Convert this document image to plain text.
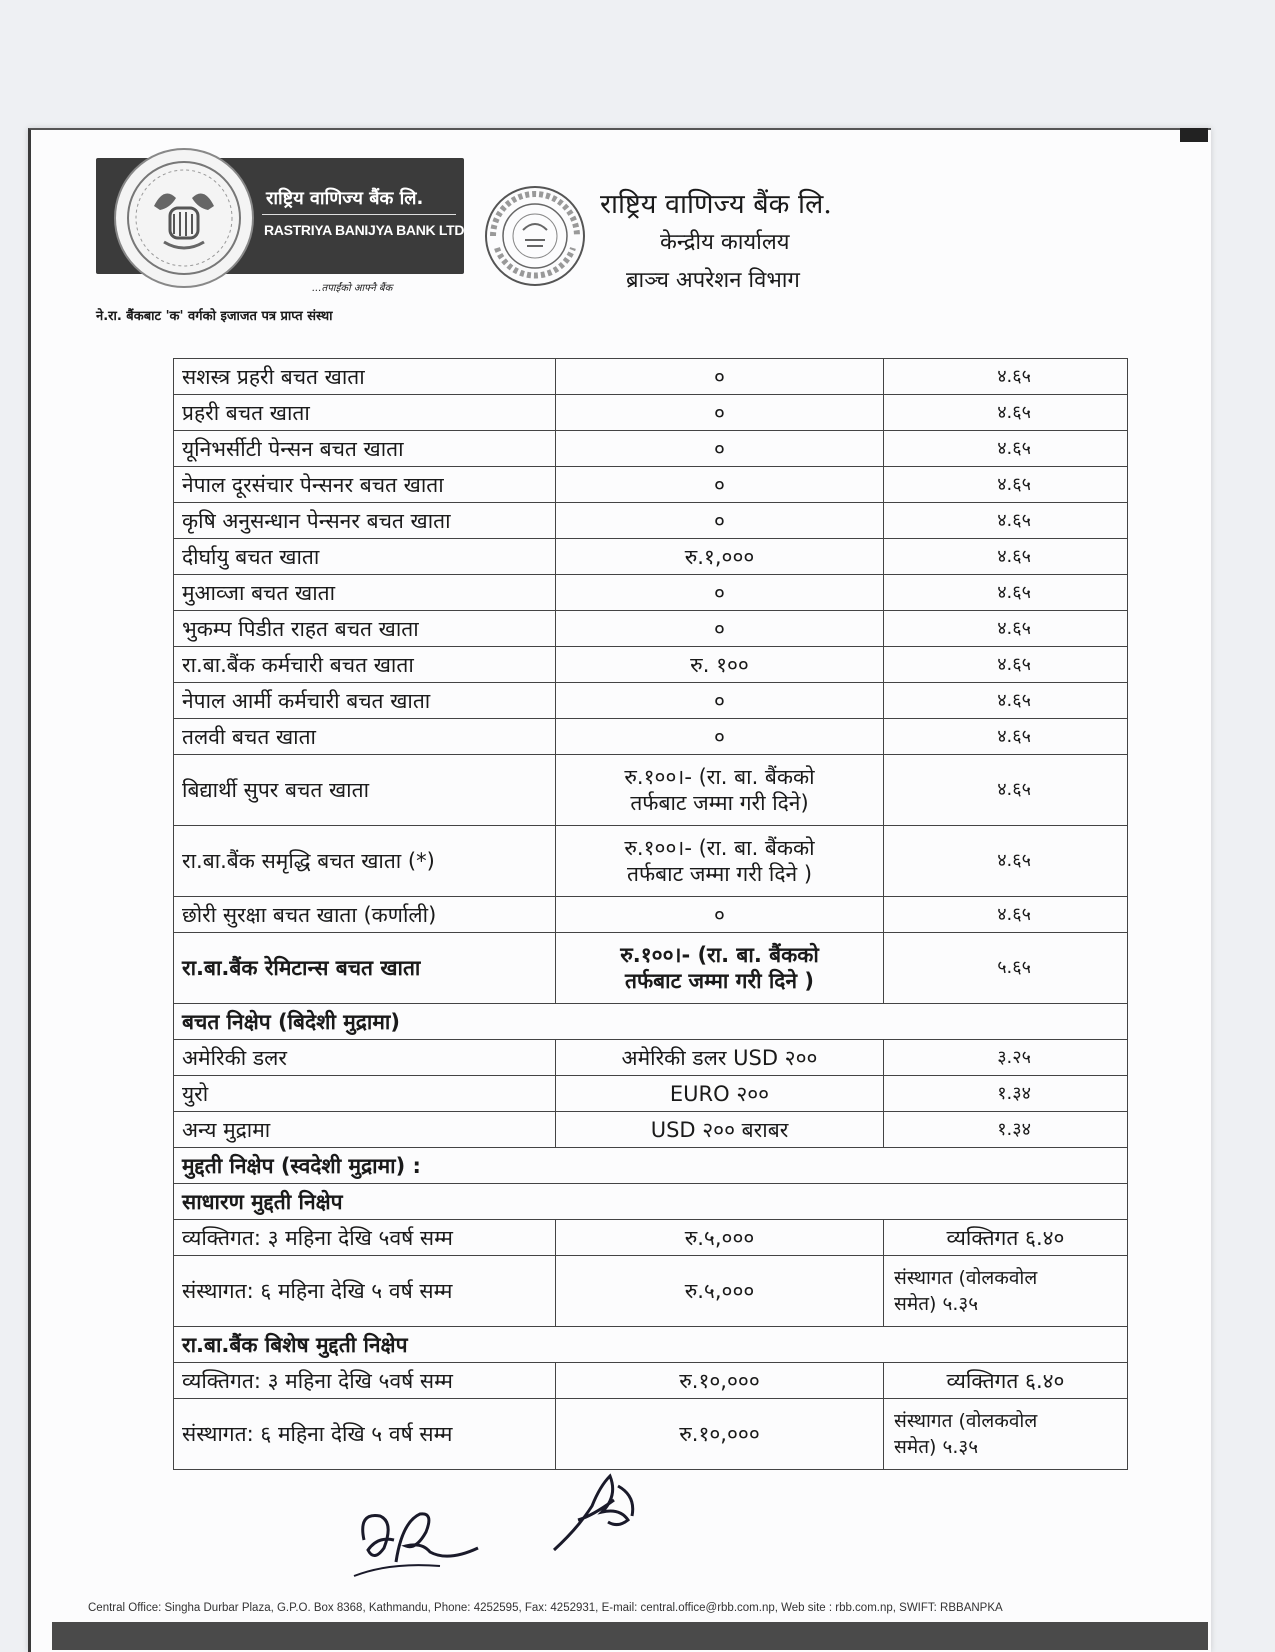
राष्ट्रिय वाणिज्य बैंक लि.
RASTRIYA BANIJYA BANK LTD.
...तपाईंको आफ्नै बैंक
ने.रा. बैंकबाट 'क' वर्गको इजाजत पत्र प्राप्त संस्था
राष्ट्रिय वाणिज्य बैंक लि.
केन्द्रीय कार्यालय
ब्राञ्च अपरेशन विभाग
सशस्त्र प्रहरी बचत खाता	०	४.६५
प्रहरी बचत खाता	०	४.६५
यूनिभर्सीटी पेन्सन बचत खाता	०	४.६५
नेपाल दूरसंचार पेन्सनर बचत खाता	०	४.६५
कृषि अनुसन्धान पेन्सनर बचत खाता	०	४.६५
दीर्घायु बचत खाता	रु.१,०००	४.६५
मुआव्जा बचत खाता	०	४.६५
भुकम्प पिडीत राहत बचत खाता	०	४.६५
रा.बा.बैंक कर्मचारी बचत खाता	रु. १००	४.६५
नेपाल आर्मी कर्मचारी बचत खाता	०	४.६५
तलवी बचत खाता	०	४.६५
बिद्यार्थी सुपर बचत खाता	रु.१००।- (रा. बा. बैंकको
तर्फबाट जम्मा गरी दिने)	४.६५
रा.बा.बैंक समृद्धि बचत खाता (*)	रु.१००।- (रा. बा. बैंकको
तर्फबाट जम्मा गरी दिने )	४.६५
छोरी सुरक्षा बचत खाता (कर्णाली)	०	४.६५
रा.बा.बैंक रेमिटान्स बचत खाता	रु.१००।- (रा. बा. बैंकको
तर्फबाट जम्मा गरी दिने )	५.६५
बचत निक्षेप (बिदेशी मुद्रामा)		
अमेरिकी डलर	अमेरिकी डलर USD २००	३.२५
युरो	EURO २००	१.३४
अन्य मुद्रामा	USD २०० बराबर	१.३४
मुद्दती निक्षेप (स्वदेशी मुद्रामा) :		
साधारण मुद्दती निक्षेप		
व्यक्तिगत: ३ महिना देखि ५वर्ष सम्म	रु.५,०००	व्यक्तिगत ६.४०
संस्थागत: ६ महिना देखि ५ वर्ष सम्म	रु.५,०००	संस्थागत (वोलकवोल
समेत) ५.३५

रा.बा.बैंक बिशेष मुद्दती निक्षेप		
व्यक्तिगत: ३ महिना देखि ५वर्ष सम्म	रु.१०,०००	व्यक्तिगत ६.४०
संस्थागत: ६ महिना देखि ५ वर्ष सम्म	रु.१०,०००	संस्थागत (वोलकवोल
समेत) ५.३५
Central Office: Singha Durbar Plaza, G.P.O. Box 8368, Kathmandu, Phone: 4252595, Fax: 4252931, E-mail: central.office@rbb.com.np, Web site : rbb.com.np, SWIFT: RBBANPKA
